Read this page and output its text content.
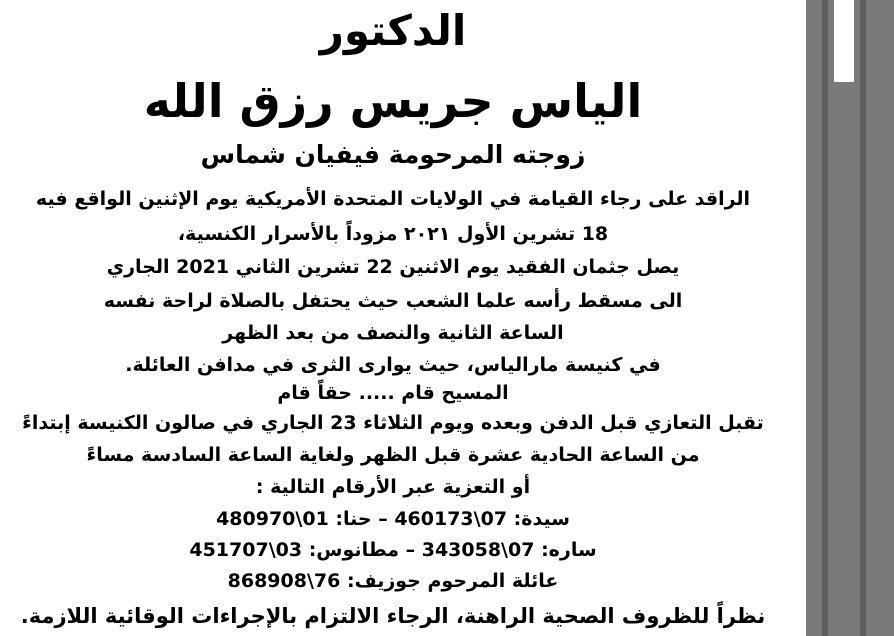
الدكتور
الياس جريس رزق الله
زوجته المرحومة فيفيان شماس
الراقد على رجاء القيامة في الولايات المتحدة الأمريكية يوم الإثنين الواقع فيه
18 تشرين الأول ٢٠٢١ مزوداً بالأسرار الكنسية،
يصل جثمان الفقيد يوم الاثنين 22 تشرين الثاني 2021 الجاري
الى مسقط رأسه علما الشعب حيث يحتفل بالصلاة لراحة نفسه
الساعة الثانية والنصف من بعد الظهر
في كنيسة مارالياس، حيث يوارى الثرى في مدافن العائلة.
المسيح قام ..... حقاً قام
تقبل التعازي قبل الدفن وبعده ويوم الثلاثاء 23 الجاري في صالون الكنيسة إبتداءً
من الساعة الحادية عشرة قبل الظهر ولغاية الساعة السادسة مساءً
أو التعزية عبر الأرقام التالية :
سيدة: 07\460173 – حنا: 01\480970
ساره: 07\343058 – مطانوس: 03\451707
عائلة المرحوم جوزيف: 76\868908
نظراً للظروف الصحية الراهنة، الرجاء الالتزام بالإجراءات الوقائية اللازمة.
